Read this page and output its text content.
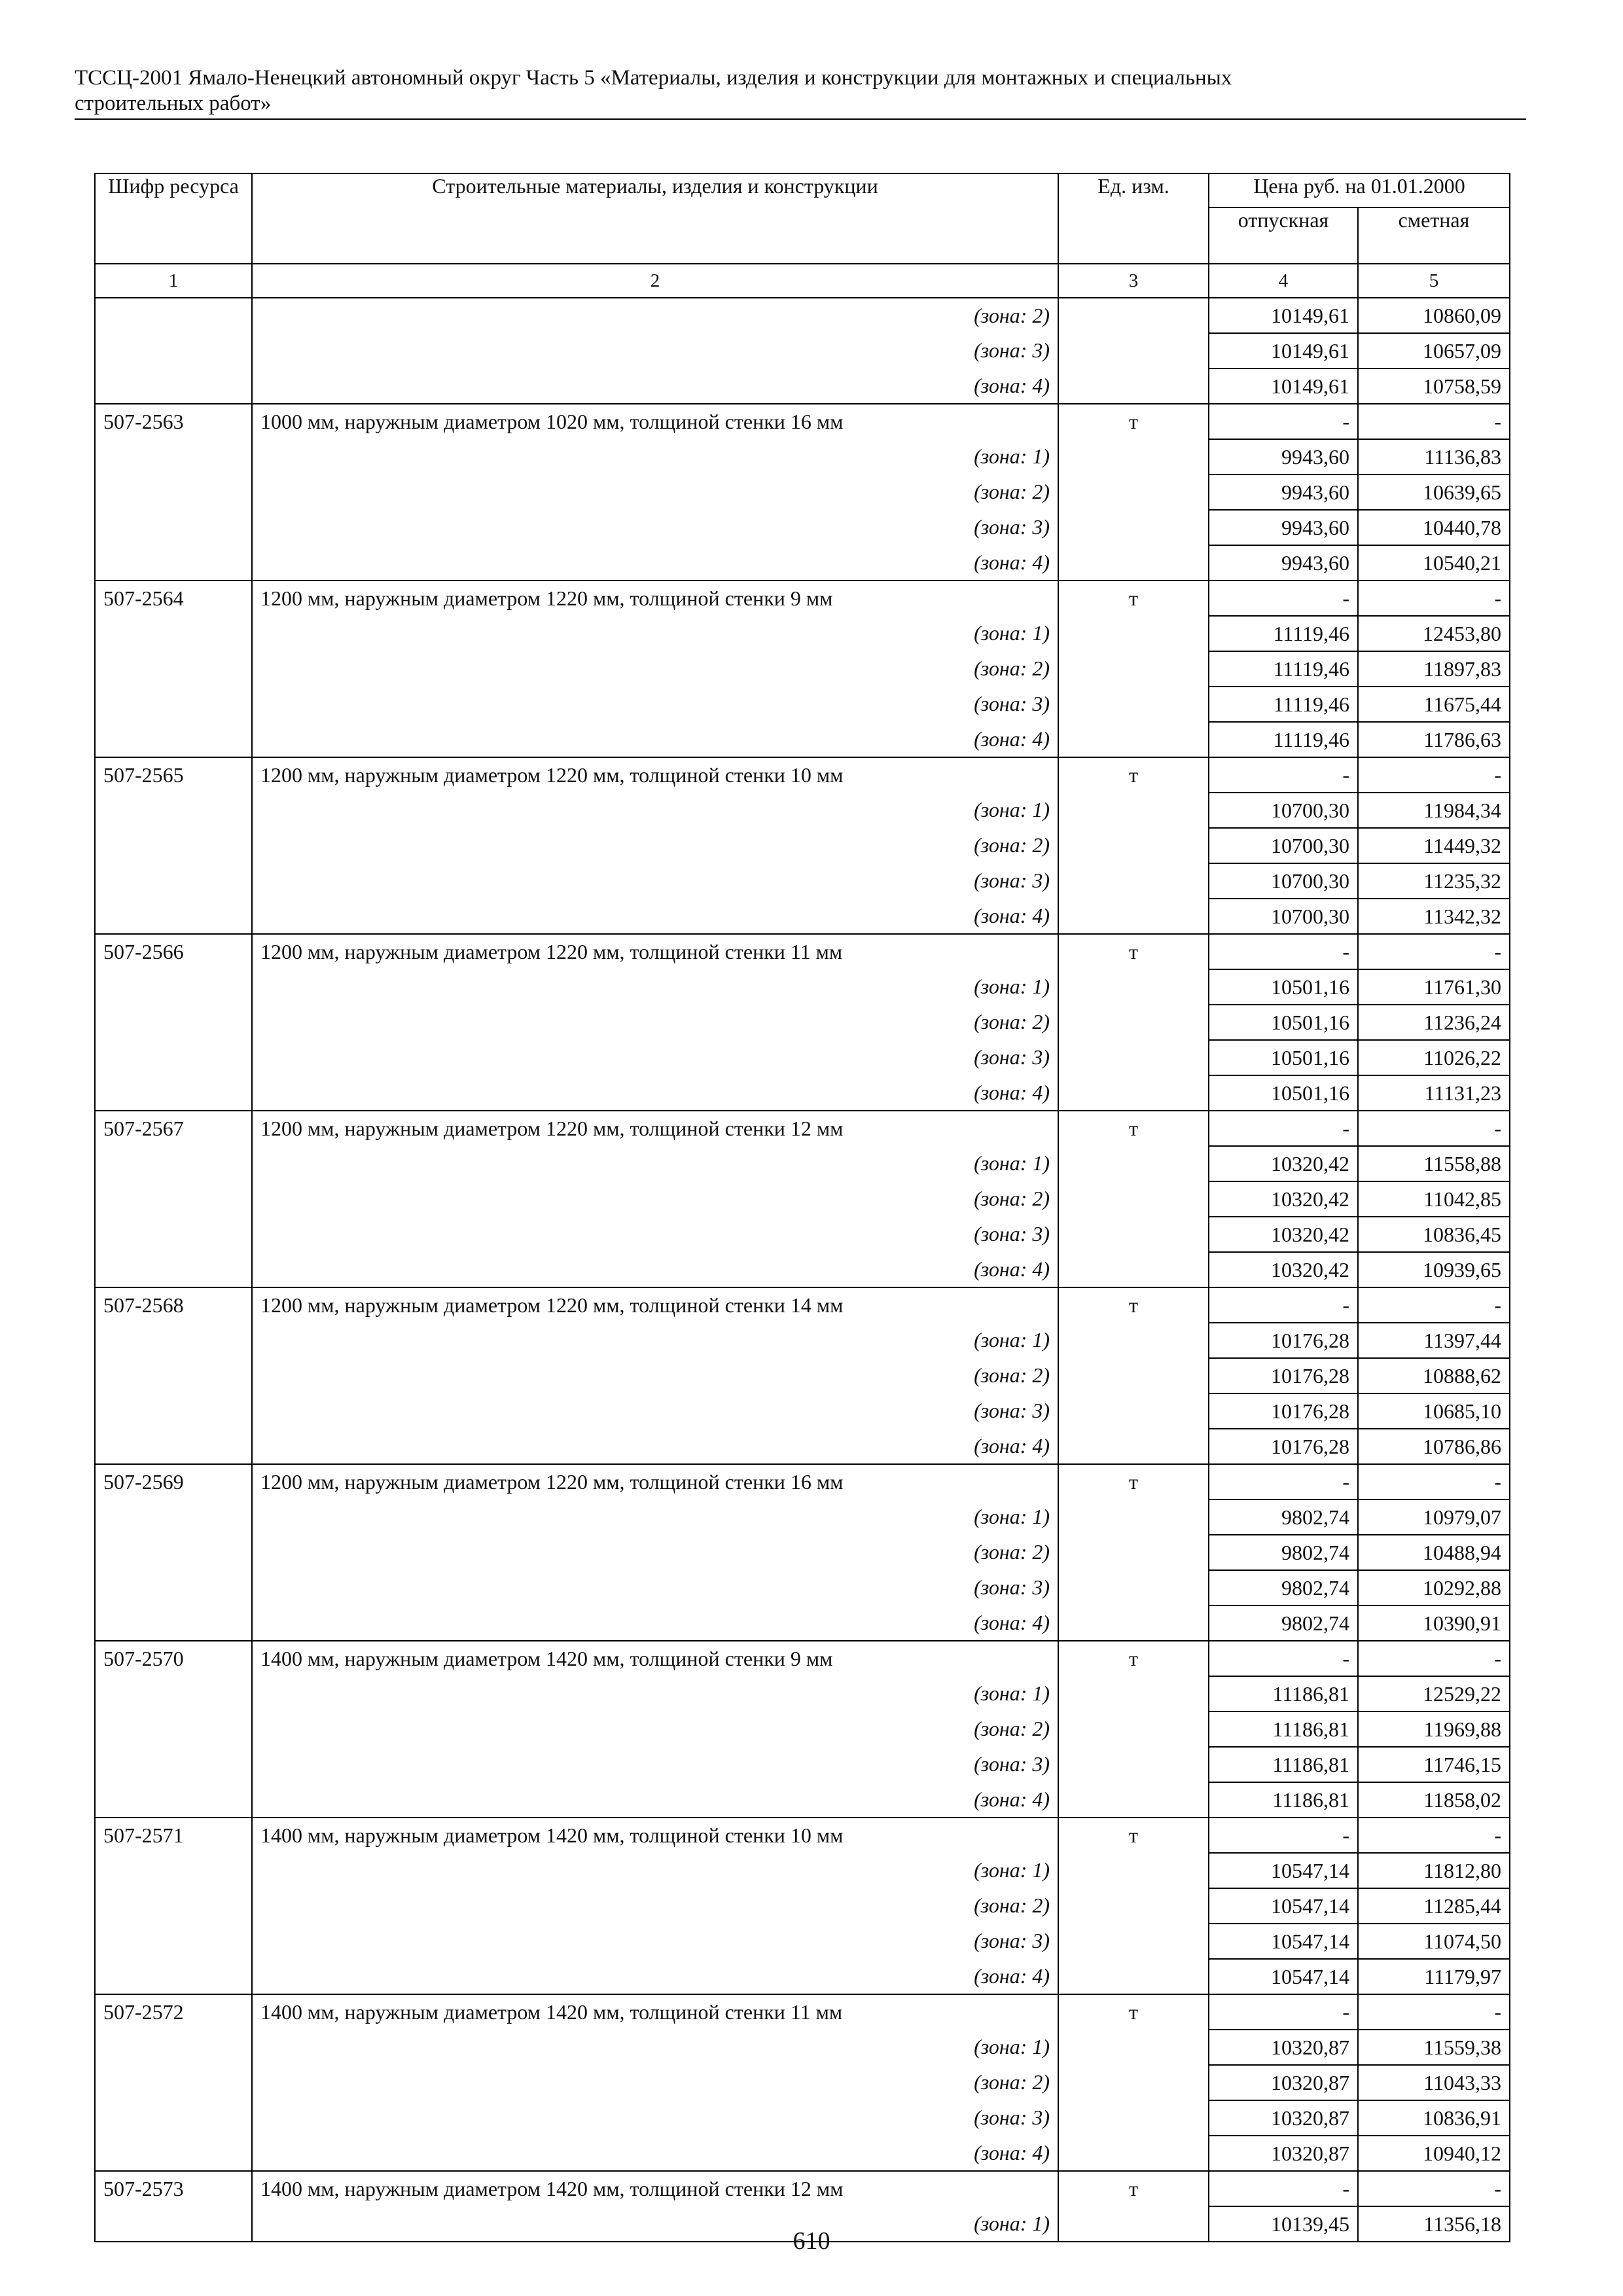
ТССЦ-2001 Ямало-Ненецкий автономный округ Часть 5 «Материалы, изделия и конструкции для монтажных и специальных
строительных работ»
Шифр ресурса	Строительные материалы, изделия и конструкции	Ед. изм.	Цена руб. на 01.01.2000	
			отпускная	сметная
1	2	3	4	5
	(зона: 2)		10149,61	10860,09
	(зона: 3)		10149,61	10657,09
	(зона: 4)		10149,61	10758,59
507-2563	1000 мм, наружным диаметром 1020 мм, толщиной стенки 16 мм	т	-	-
	(зона: 1)		9943,60	11136,83
	(зона: 2)		9943,60	10639,65
	(зона: 3)		9943,60	10440,78
	(зона: 4)		9943,60	10540,21
507-2564	1200 мм, наружным диаметром 1220 мм, толщиной стенки 9 мм	т	-	-
	(зона: 1)		11119,46	12453,80
	(зона: 2)		11119,46	11897,83
	(зона: 3)		11119,46	11675,44
	(зона: 4)		11119,46	11786,63
507-2565	1200 мм, наружным диаметром 1220 мм, толщиной стенки 10 мм	т	-	-
	(зона: 1)		10700,30	11984,34
	(зона: 2)		10700,30	11449,32
	(зона: 3)		10700,30	11235,32
	(зона: 4)		10700,30	11342,32
507-2566	1200 мм, наружным диаметром 1220 мм, толщиной стенки 11 мм	т	-	-
	(зона: 1)		10501,16	11761,30
	(зона: 2)		10501,16	11236,24
	(зона: 3)		10501,16	11026,22
	(зона: 4)		10501,16	11131,23
507-2567	1200 мм, наружным диаметром 1220 мм, толщиной стенки 12 мм	т	-	-
	(зона: 1)		10320,42	11558,88
	(зона: 2)		10320,42	11042,85
	(зона: 3)		10320,42	10836,45
	(зона: 4)		10320,42	10939,65
507-2568	1200 мм, наружным диаметром 1220 мм, толщиной стенки 14 мм	т	-	-
	(зона: 1)		10176,28	11397,44
	(зона: 2)		10176,28	10888,62
	(зона: 3)		10176,28	10685,10
	(зона: 4)		10176,28	10786,86
507-2569	1200 мм, наружным диаметром 1220 мм, толщиной стенки 16 мм	т	-	-
	(зона: 1)		9802,74	10979,07
	(зона: 2)		9802,74	10488,94
	(зона: 3)		9802,74	10292,88
	(зона: 4)		9802,74	10390,91
507-2570	1400 мм, наружным диаметром 1420 мм, толщиной стенки 9 мм	т	-	-
	(зона: 1)		11186,81	12529,22
	(зона: 2)		11186,81	11969,88
	(зона: 3)		11186,81	11746,15
	(зона: 4)		11186,81	11858,02
507-2571	1400 мм, наружным диаметром 1420 мм, толщиной стенки 10 мм	т	-	-
	(зона: 1)		10547,14	11812,80
	(зона: 2)		10547,14	11285,44
	(зона: 3)		10547,14	11074,50
	(зона: 4)		10547,14	11179,97
507-2572	1400 мм, наружным диаметром 1420 мм, толщиной стенки 11 мм	т	-	-
	(зона: 1)		10320,87	11559,38
	(зона: 2)		10320,87	11043,33
	(зона: 3)		10320,87	10836,91
	(зона: 4)		10320,87	10940,12
507-2573	1400 мм, наружным диаметром 1420 мм, толщиной стенки 12 мм	т	-	-
	(зона: 1)		10139,45	11356,18
610
